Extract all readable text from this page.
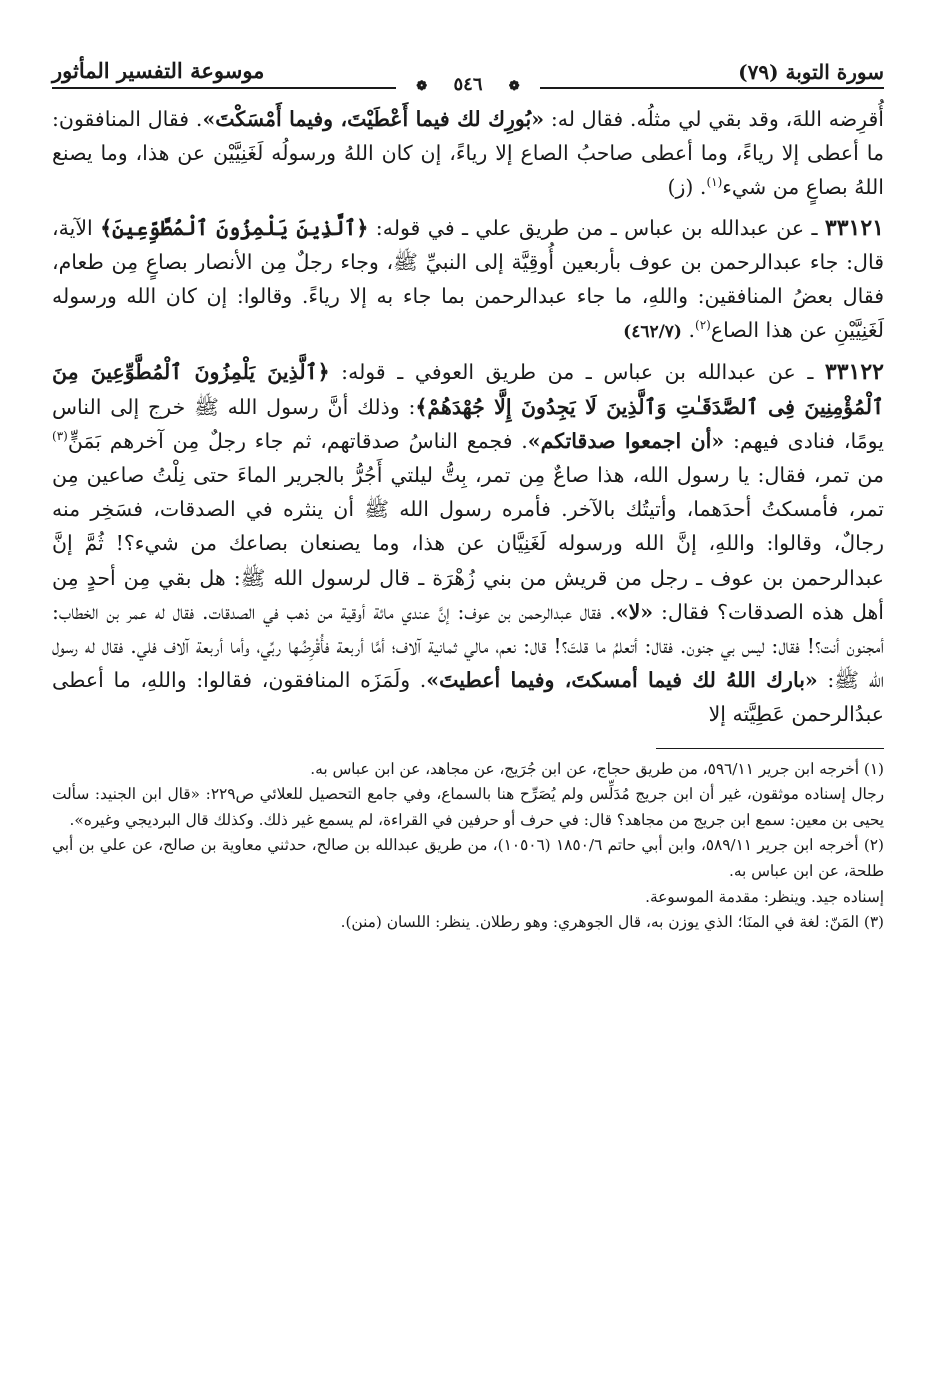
سورة التوبة (٧٩)
موسوعة التفسير المأثور
❁ ٥٤٦ ❁

أُقرِضه اللهَ، وقد بقي لي مثلُه. فقال له: «بُورِك لك فيما أَعْطَيْتَ، وفيما أَمْسَكْتَ». فقال المنافقون: ما أعطى إلا رياءً، وما أعطى صاحبُ الصاع إلا رياءً، إن كان اللهُ ورسولُه لَغَنِيَّيْن عن هذا، وما يصنع اللهُ بصاعٍ من شيء$^{(١)}$. (ز)

٣٣١٢١ ـ عن عبدالله بن عباس ـ من طريق علي ـ في قوله: ﴿ٱلَّذِينَ يَلْمِزُونَ ٱلْمُطَّوِّعِينَ﴾ الآية، قال: جاء عبدالرحمن بن عوف بأربعين أُوقِيَّة إلى النبيِّ ﷺ، وجاء رجلٌ مِن الأنصار بصاعٍ مِن طعام، فقال بعضُ المنافقين: واللهِ، ما جاء عبدالرحمن بما جاء به إلا رياءً. وقالوا: إن كان الله ورسوله لَغَنِيَّيْنِ عن هذا الصاع$^{(٢)}$. (٤٦٢/٧)

٣٣١٢٢ ـ عن عبدالله بن عباس ـ من طريق العوفي ـ قوله: ﴿ٱلَّذِينَ يَلْمِزُونَ ٱلْمُطَّوِّعِينَ مِنَ ٱلْمُؤْمِنِينَ فِى ٱلصَّدَقَـٰتِ وَٱلَّذِينَ لَا يَجِدُونَ إِلَّا جُهْدَهُمْ﴾: وذلك أنَّ رسول الله ﷺ خرج إلى الناس يومًا، فنادى فيهم: «أن اجمعوا صدقاتكم». فجمع الناسُ صدقاتهم، ثم جاء رجلٌ مِن آخرهم بَمَنٍّ$^{(٣)}$ من تمر، فقال: يا رسول الله، هذا صاعٌ مِن تمر، بِتُّ ليلتي أَجُرُّ بالجرير الماءَ حتى نِلْتُ صاعين مِن تمر، فأمسكتُ أحدَهما، وأتيتُك بالآخر. فأمره رسول الله ﷺ أن ينثره في الصدقات، فسَخِر منه رجالٌ، وقالوا: واللهِ، إنَّ الله ورسوله لَغَنِيَّان عن هذا، وما يصنعان بصاعك من شيء؟! ثُمَّ إنَّ عبدالرحمن بن عوف ـ رجل من قريش من بني زُهْرَة ـ قال لرسول الله ﷺ: هل بقي مِن أحدٍ مِن أهل هذه الصدقات؟ فقال: «لا». فقال عبدالرحمن بن عوف: إنَّ عندي مائة أوقية من ذهب في الصدقات. فقال له عمر بن الخطاب: أمجنون أنت؟! فقال: ليس بي جنون. فقال: أتعلمُ ما قلتَ؟! قال: نعم، مالي ثمانية آلاف؛ أمَّا أربعة فأُقْرِضُها ربِّي، وأما أربعة آلاف فلي. فقال له رسول الله ﷺ: «بارك اللهُ لك فيما أمسكتَ، وفيما أعطيتَ». ولَمَزَه المنافقون، فقالوا: واللهِ، ما أعطى عبدُالرحمن عَطِيَّته إلا

(١) أخرجه ابن جرير ٥٩٦/١١، من طريق حجاج، عن ابن جُرَيج، عن مجاهد، عن ابن عباس به.

رجال إسناده موثقون، غير أن ابن جريج مُدَلِّس ولم يُصَرِّح هنا بالسماع، وفي جامع التحصيل للعلائي ص٢٢٩: «قال ابن الجنيد: سألت يحيى بن معين: سمع ابن جريج من مجاهد؟ قال: في حرف أو حرفين في القراءة، لم يسمع غير ذلك. وكذلك قال البرديجي وغيره».

(٢) أخرجه ابن جرير ٥٨٩/١١، وابن أبي حاتم ١٨٥٠/٦ (١٠٥٠٦)، من طريق عبدالله بن صالح، حدثني معاوية بن صالح، عن علي بن أبي طلحة، عن ابن عباس به.

إسناده جيد. وينظر: مقدمة الموسوعة.

(٣) المَنّ: لغة في المنَا؛ الذي يوزن به، قال الجوهري: وهو رطلان. ينظر: اللسان (منن).
